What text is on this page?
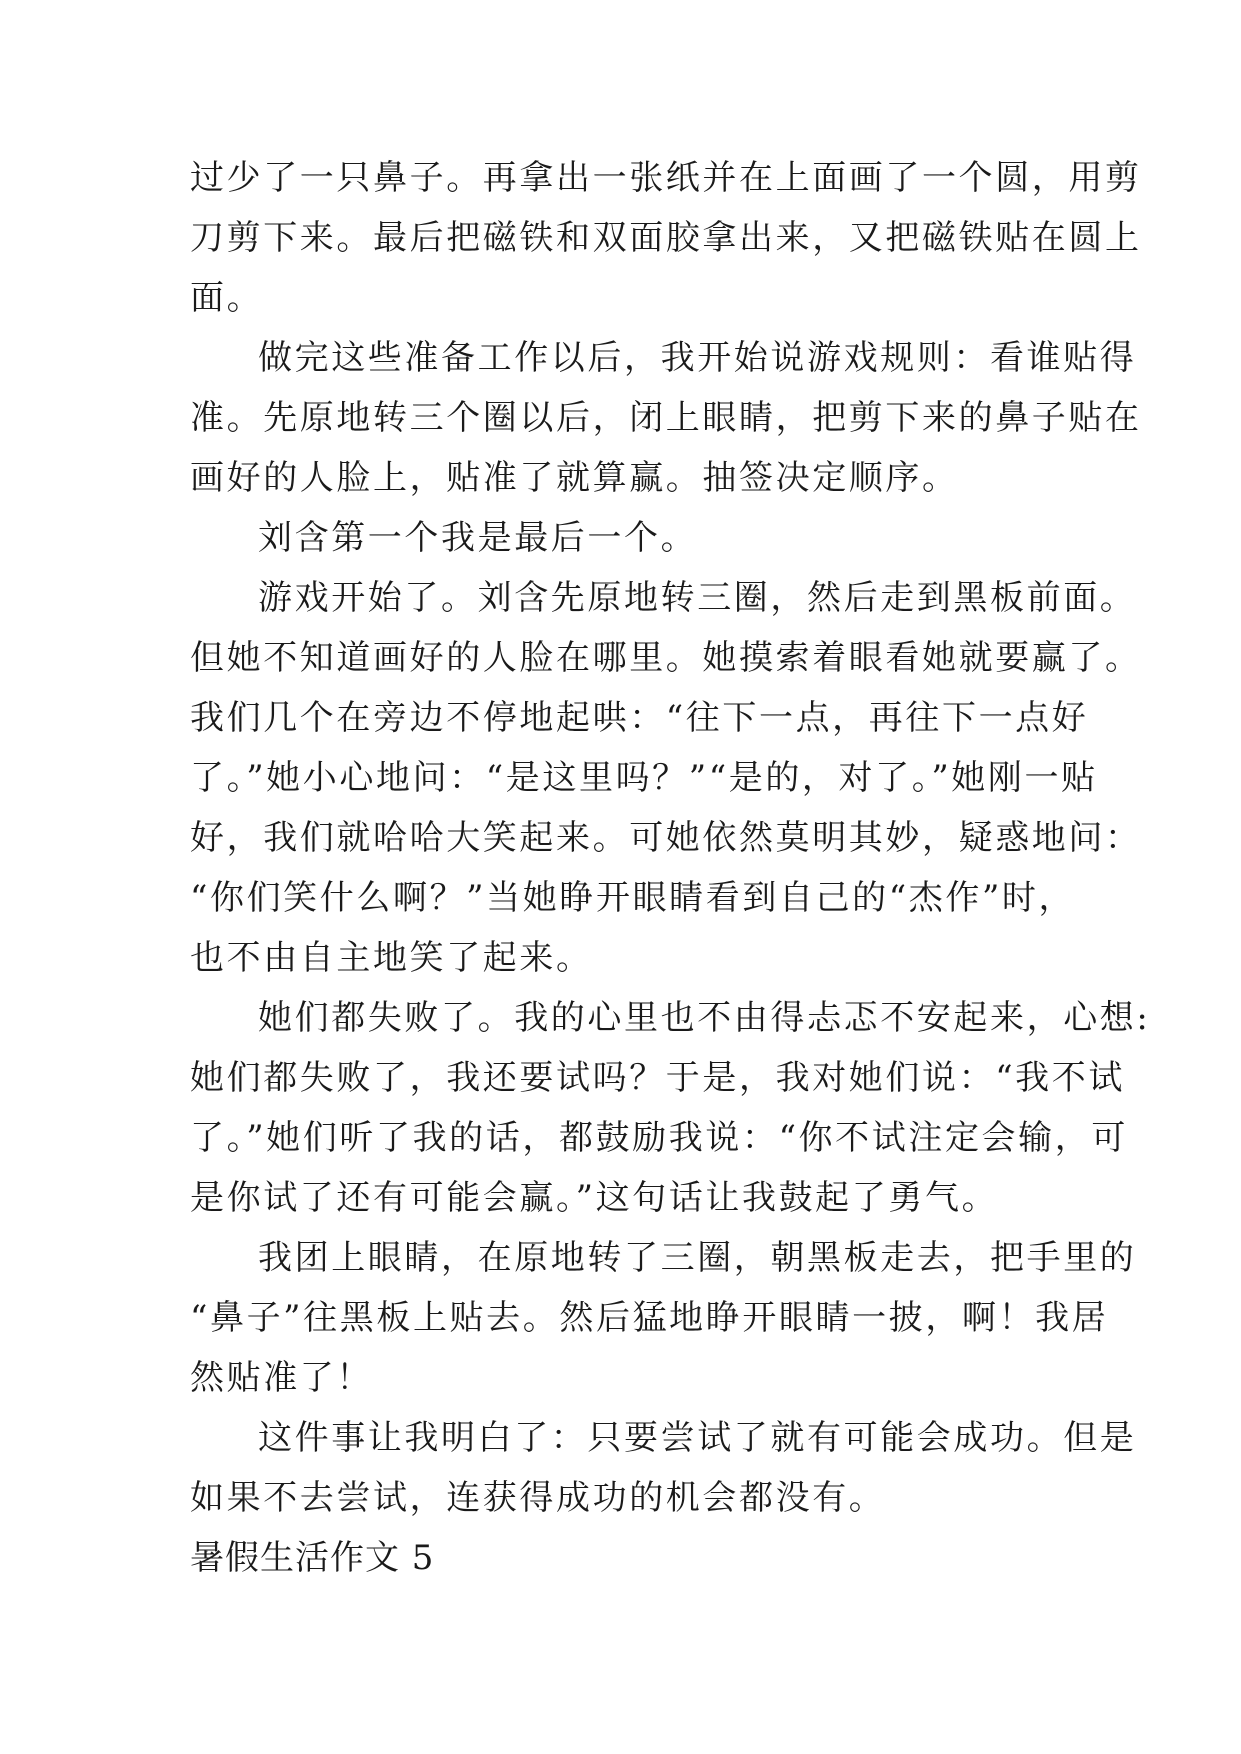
过少了一只鼻子。再拿出一张纸并在上面画了一个圆，用剪
刀剪下来。最后把磁铁和双面胶拿出来，又把磁铁贴在圆上
面。
做完这些准备工作以后，我开始说游戏规则：看谁贴得
准。先原地转三个圈以后，闭上眼睛，把剪下来的鼻子贴在
画好的人脸上，贴准了就算赢。抽签决定顺序。
刘含第一个我是最后一个。
游戏开始了。刘含先原地转三圈，然后走到黑板前面。
但她不知道画好的人脸在哪里。她摸索着眼看她就要赢了。
我们几个在旁边不停地起哄：“往下一点，再往下一点好
了。”她小心地问：“是这里吗？”“是的，对了。”她刚一贴
好，我们就哈哈大笑起来。可她依然莫明其妙，疑惑地问：
“你们笑什么啊？”当她睁开眼睛看到自己的“杰作”时，
也不由自主地笑了起来。
她们都失败了。我的心里也不由得忐忑不安起来，心想:
她们都失败了，我还要试吗？于是，我对她们说：“我不试
了。”她们听了我的话，都鼓励我说：“你不试注定会输，可
是你试了还有可能会赢。”这句话让我鼓起了勇气。
我团上眼睛，在原地转了三圈，朝黑板走去，把手里的
“鼻子”往黑板上贴去。然后猛地睁开眼睛一披，啊！我居
然贴准了！
这件事让我明白了：只要尝试了就有可能会成功。但是
如果不去尝试，连获得成功的机会都没有。
暑假生活作文 5
